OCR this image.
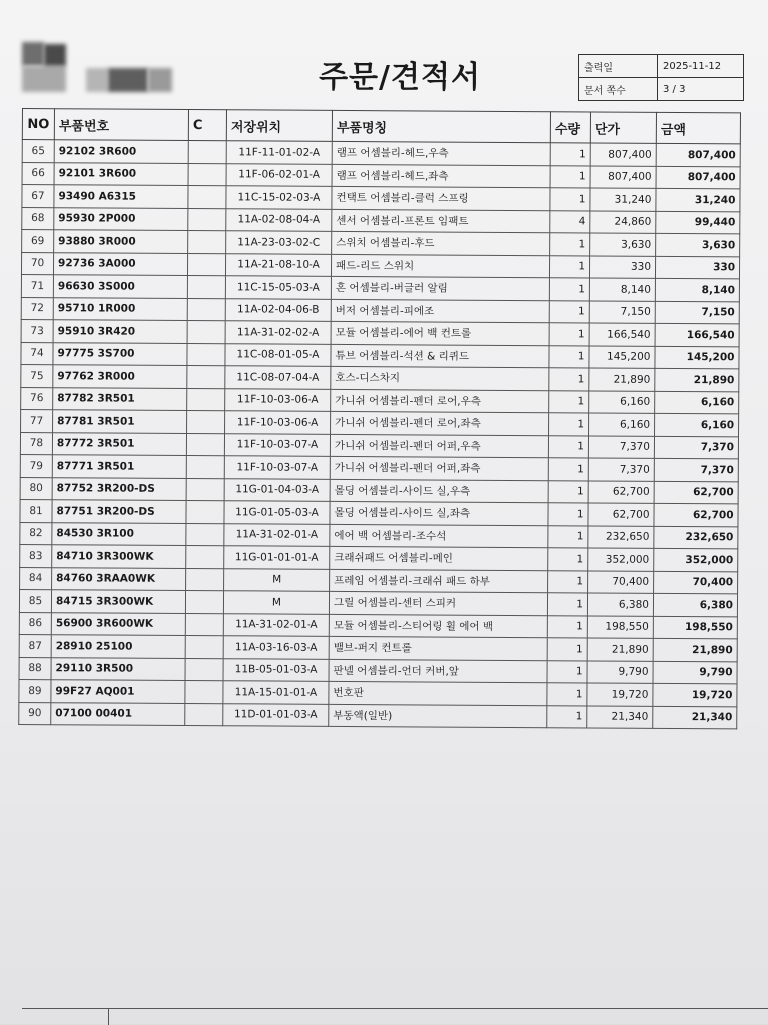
주문/견적서	출력일	2025-11-12
문서 쪽수	3 / 3
NO	부품번호	C	저장위치	부품명칭	수량	단가	금액
65	92102 3R600		11F-11-01-02-A	램프 어셈블리-헤드,우측	1	807,400	807,400
66	92101 3R600		11F-06-02-01-A	램프 어셈블리-헤드,좌측	1	807,400	807,400
67	93490 A6315		11C-15-02-03-A	컨택트 어셈블리-클럭 스프링	1	31,240	31,240
68	95930 2P000		11A-02-08-04-A	센서 어셈블리-프론트 임팩트	4	24,860	99,440
69	93880 3R000		11A-23-03-02-C	스위치 어셈블리-후드	1	3,630	3,630
70	92736 3A000		11A-21-08-10-A	패드-리드 스위치	1	330	330
71	96630 3S000		11C-15-05-03-A	혼 어셈블리-버글러 알림	1	8,140	8,140
72	95710 1R000		11A-02-04-06-B	버저 어셈블리-피에조	1	7,150	7,150
73	95910 3R420		11A-31-02-02-A	모듈 어셈블리-에어 백 컨트롤	1	166,540	166,540
74	97775 3S700		11C-08-01-05-A	튜브 어셈블리-석션 & 리퀴드	1	145,200	145,200
75	97762 3R000		11C-08-07-04-A	호스-디스차지	1	21,890	21,890
76	87782 3R501		11F-10-03-06-A	가니쉬 어셈블리-펜더 로어,우측	1	6,160	6,160
77	87781 3R501		11F-10-03-06-A	가니쉬 어셈블리-펜더 로어,좌측	1	6,160	6,160
78	87772 3R501		11F-10-03-07-A	가니쉬 어셈블리-펜더 어퍼,우측	1	7,370	7,370
79	87771 3R501		11F-10-03-07-A	가니쉬 어셈블리-펜더 어퍼,좌측	1	7,370	7,370
80	87752 3R200-DS		11G-01-04-03-A	몰딩 어셈블리-사이드 실,우측	1	62,700	62,700
81	87751 3R200-DS		11G-01-05-03-A	몰딩 어셈블리-사이드 실,좌측	1	62,700	62,700
82	84530 3R100		11A-31-02-01-A	에어 백 어셈블리-조수석	1	232,650	232,650
83	84710 3R300WK		11G-01-01-01-A	크래쉬패드 어셈블리-메인	1	352,000	352,000
84	84760 3RAA0WK		M	프레임 어셈블리-크래쉬 패드 하부	1	70,400	70,400
85	84715 3R300WK		M	그릴 어셈블리-센터 스피커	1	6,380	6,380
86	56900 3R600WK		11A-31-02-01-A	모듈 어셈블리-스티어링 휠 에어 백	1	198,550	198,550
87	28910 25100		11A-03-16-03-A	밸브-퍼지 컨트롤	1	21,890	21,890
88	29110 3R500		11B-05-01-03-A	판넬 어셈블리-언더 커버,앞	1	9,790	9,790
89	99F27 AQ001		11A-15-01-01-A	번호판	1	19,720	19,720
90	07100 00401		11D-01-01-03-A	부동액(일반)	1	21,340	21,340
